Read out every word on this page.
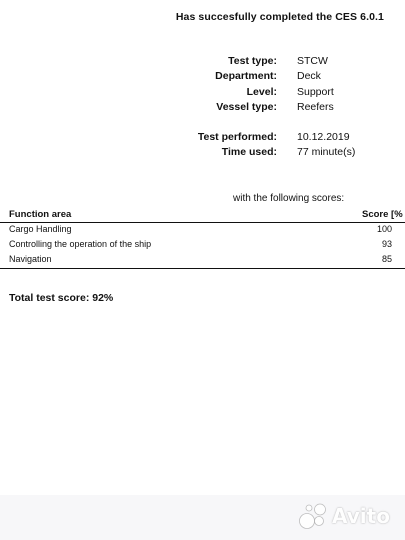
Has succesfully completed the CES 6.0.1
Test type: STCW
Department: Deck
Level: Support
Vessel type: Reefers
Test performed: 10.12.2019
Time used: 77 minute(s)
with the following scores:
Function area	Score [%
Cargo Handling	100
Controlling the operation of the ship	93
Navigation	85
Total test score: 92%
Avito
